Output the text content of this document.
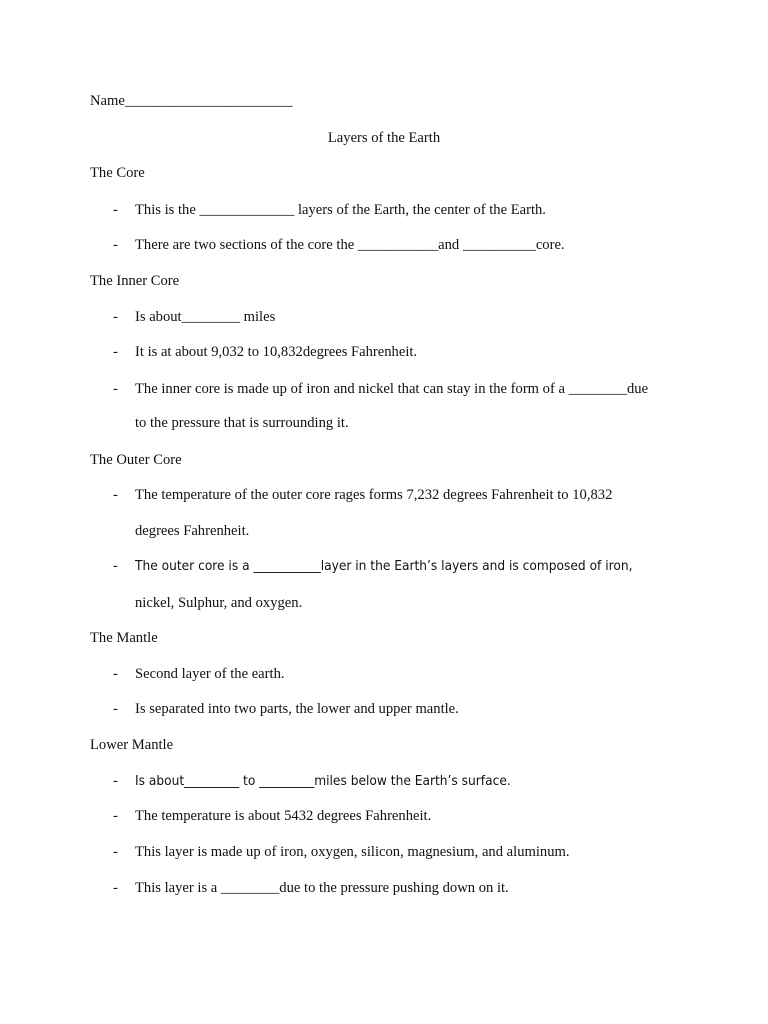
Name_______________________
Layers of the Earth
The Core
- This is the _____________ layers of the Earth, the center of the Earth.
- There are two sections of the core the ___________and __________core.
The Inner Core
- Is about________ miles
- It is at about 9,032 to 10,832degrees Fahrenheit.
- The inner core is made up of iron and nickel that can stay in the form of a ________due
to the pressure that is surrounding it.
The Outer Core
- The temperature of the outer core rages forms 7,232 degrees Fahrenheit to 10,832
degrees Fahrenheit.
- The outer core is a ___________layer in the Earth’s layers and is composed of iron,
nickel, Sulphur, and oxygen.
The Mantle
- Second layer of the earth.
- Is separated into two parts, the lower and upper mantle.
Lower Mantle
- Is about_________ to _________miles below the Earth’s surface.
- The temperature is about 5432 degrees Fahrenheit.
- This layer is made up of iron, oxygen, silicon, magnesium, and aluminum.
- This layer is a ________due to the pressure pushing down on it.
